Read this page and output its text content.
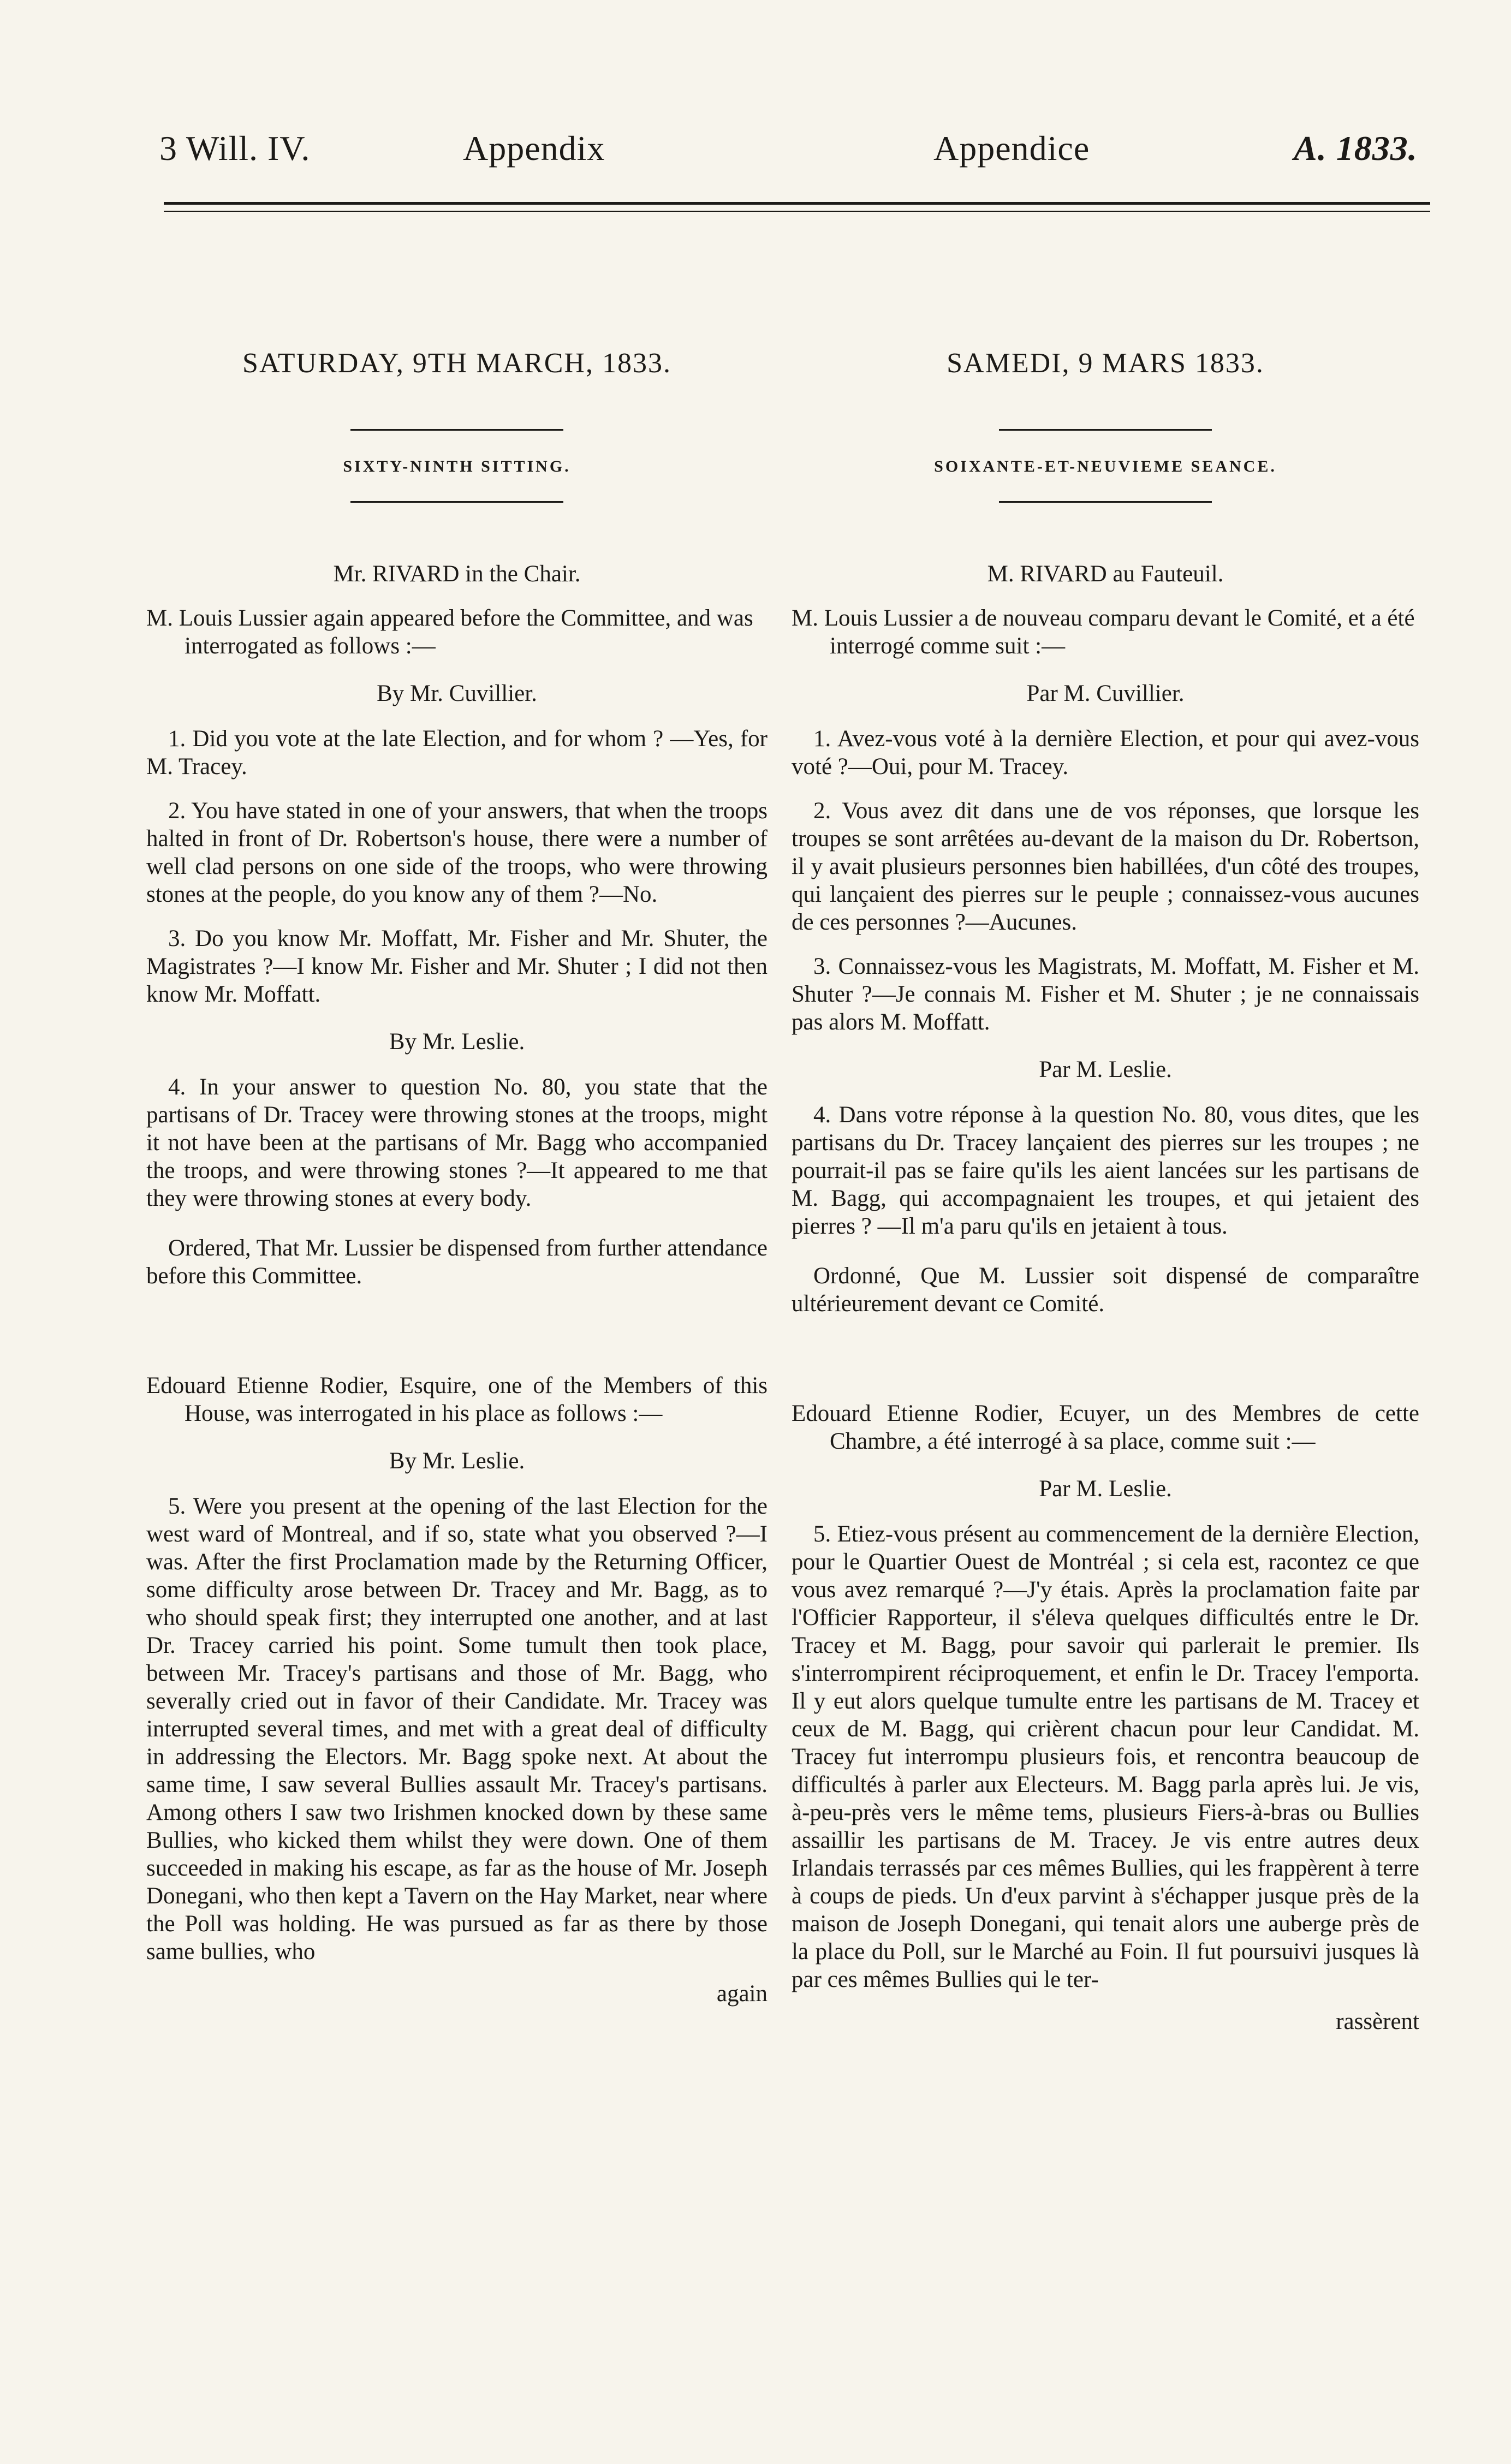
3 Will. IV.	Appendix	Appendice	A. 1833.
SATURDAY, 9TH MARCH, 1833.
SIXTY-NINTH SITTING.
Mr. RIVARD in the Chair.
M. Louis Lussier again appeared before the Committee, and was interrogated as follows :—
By Mr. Cuvillier.

1. Did you vote at the late Election, and for whom ? —Yes, for M. Tracey.

2. You have stated in one of your answers, that when the troops halted in front of Dr. Robertson's house, there were a number of well clad persons on one side of the troops, who were throwing stones at the people, do you know any of them ?—No.

3. Do you know Mr. Moffatt, Mr. Fisher and Mr. Shuter, the Magistrates ?—I know Mr. Fisher and Mr. Shuter ; I did not then know Mr. Moffatt.

By Mr. Leslie.

4. In your answer to question No. 80, you state that the partisans of Dr. Tracey were throwing stones at the troops, might it not have been at the partisans of Mr. Bagg who accompanied the troops, and were throwing stones ?—It appeared to me that they were throwing stones at every body.

Ordered, That Mr. Lussier be dispensed from further attendance before this Committee.

Edouard Etienne Rodier, Esquire, one of the Members of this House, was interrogated in his place as follows :—

By Mr. Leslie.

5. Were you present at the opening of the last Election for the west ward of Montreal, and if so, state what you observed ?—I was. After the first Proclamation made by the Returning Officer, some difficulty arose between Dr. Tracey and Mr. Bagg, as to who should speak first; they interrupted one another, and at last Dr. Tracey carried his point. Some tumult then took place, between Mr. Tracey's partisans and those of Mr. Bagg, who severally cried out in favor of their Candidate. Mr. Tracey was interrupted several times, and met with a great deal of difficulty in addressing the Electors. Mr. Bagg spoke next. At about the same time, I saw several Bullies assault Mr. Tracey's partisans. Among others I saw two Irishmen knocked down by these same Bullies, who kicked them whilst they were down. One of them succeeded in making his escape, as far as the house of Mr. Joseph Donegani, who then kept a Tavern on the Hay Market, near where the Poll was holding. He was pursued as far as there by those same bullies, who

again
SAMEDI, 9 MARS 1833.
SOIXANTE-ET-NEUVIEME SEANCE.
M. RIVARD au Fauteuil.
M. Louis Lussier a de nouveau comparu devant le Comité, et a été interrogé comme suit :—
Par M. Cuvillier.

1. Avez-vous voté à la dernière Election, et pour qui avez-vous voté ?—Oui, pour M. Tracey.

2. Vous avez dit dans une de vos réponses, que lorsque les troupes se sont arrêtées au-devant de la maison du Dr. Robertson, il y avait plusieurs personnes bien habillées, d'un côté des troupes, qui lançaient des pierres sur le peuple ; connaissez-vous aucunes de ces personnes ?—Aucunes.

3. Connaissez-vous les Magistrats, M. Moffatt, M. Fisher et M. Shuter ?—Je connais M. Fisher et M. Shuter ; je ne connaissais pas alors M. Moffatt.

Par M. Leslie.

4. Dans votre réponse à la question No. 80, vous dites, que les partisans du Dr. Tracey lançaient des pierres sur les troupes ; ne pourrait-il pas se faire qu'ils les aient lancées sur les partisans de M. Bagg, qui accompagnaient les troupes, et qui jetaient des pierres ? —Il m'a paru qu'ils en jetaient à tous.

Ordonné, Que M. Lussier soit dispensé de comparaître ultérieurement devant ce Comité.

Edouard Etienne Rodier, Ecuyer, un des Membres de cette Chambre, a été interrogé à sa place, comme suit :—

Par M. Leslie.

5. Etiez-vous présent au commencement de la dernière Election, pour le Quartier Ouest de Montréal ; si cela est, racontez ce que vous avez remarqué ?—J'y étais. Après la proclamation faite par l'Officier Rapporteur, il s'éleva quelques difficultés entre le Dr. Tracey et M. Bagg, pour savoir qui parlerait le premier. Ils s'interrompirent réciproquement, et enfin le Dr. Tracey l'emporta. Il y eut alors quelque tumulte entre les partisans de M. Tracey et ceux de M. Bagg, qui crièrent chacun pour leur Candidat. M. Tracey fut interrompu plusieurs fois, et rencontra beaucoup de difficultés à parler aux Electeurs. M. Bagg parla après lui. Je vis, à-peu-près vers le même tems, plusieurs Fiers-à-bras ou Bullies assaillir les partisans de M. Tracey. Je vis entre autres deux Irlandais terrassés par ces mêmes Bullies, qui les frappèrent à terre à coups de pieds. Un d'eux parvint à s'échapper jusque près de la maison de Joseph Donegani, qui tenait alors une auberge près de la place du Poll, sur le Marché au Foin. Il fut poursuivi jusques là par ces mêmes Bullies qui le ter-

rassèrent
